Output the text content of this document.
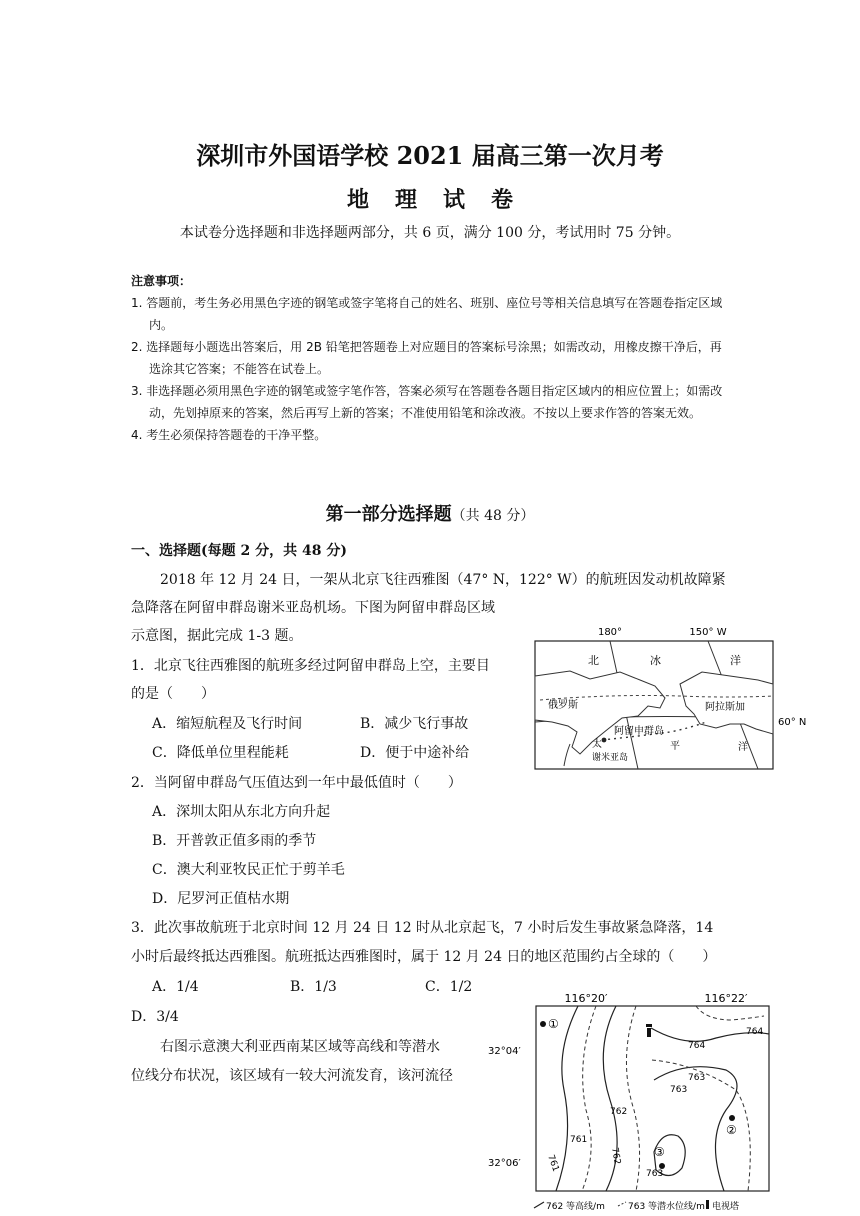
深圳市外国语学校 2021 届高三第一次月考
地理试卷
本试卷分选择题和非选择题两部分，共 6 页，满分 100 分，考试用时 75 分钟。
注意事项：
1. 答题前，考生务必用黑色字迹的钢笔或签字笔将自己的姓名、班别、座位号等相关信息填写在答题卷指定区域内。
2. 选择题每小题选出答案后，用 2B 铅笔把答题卷上对应题目的答案标号涂黑；如需改动，用橡皮擦干净后，再选涂其它答案；不能答在试卷上。
3. 非选择题必须用黑色字迹的钢笔或签字笔作答，答案必须写在答题卷各题目指定区域内的相应位置上；如需改动，先划掉原来的答案，然后再写上新的答案；不准使用铅笔和涂改液。不按以上要求作答的答案无效。
4. 考生必须保持答题卷的干净平整。
第一部分选择题（共 48 分）
一、选择题(每题 2 分，共 48 分)
2018 年 12 月 24 日，一架从北京飞往西雅图（47° N，122° W）的航班因发动机故障紧
急降落在阿留申群岛谢米亚岛机场。下图为阿留申群岛区域
示意图，据此完成 1-3 题。
1．北京飞往西雅图的航班多经过阿留申群岛上空，主要目
的是（　　）
A．缩短航程及飞行时间	B．减少飞行事故
C．降低单位里程能耗	D．便于中途补给
2．当阿留申群岛气压值达到一年中最低值时（　　）
A．深圳太阳从东北方向升起
B．开普敦正值多雨的季节
C．澳大利亚牧民正忙于剪羊毛
D．尼罗河正值枯水期
3．此次事故航班于北京时间 12 月 24 日 12 时从北京起飞，7 小时后发生事故紧急降落，14
小时后最终抵达西雅图。航班抵达西雅图时，属于 12 月 24 日的地区范围约占全球的（　　）
A．1/4	B．1/3	C．1/2
D．3/4
右图示意澳大利亚西南某区域等高线和等潜水
位线分布状况，该区域有一较大河流发育，该河流径
180°	150° W
60° N
北	冰	洋
俄罗斯	阿拉斯加
阿留申群岛
太	平	洋
谢米亚岛
116°20′	116°22′
32°04′
32°06′
764
764
763
763
763
762
762
761
761
①
②
③
762 等高线/m	763 等潜水位线/m 电视塔
